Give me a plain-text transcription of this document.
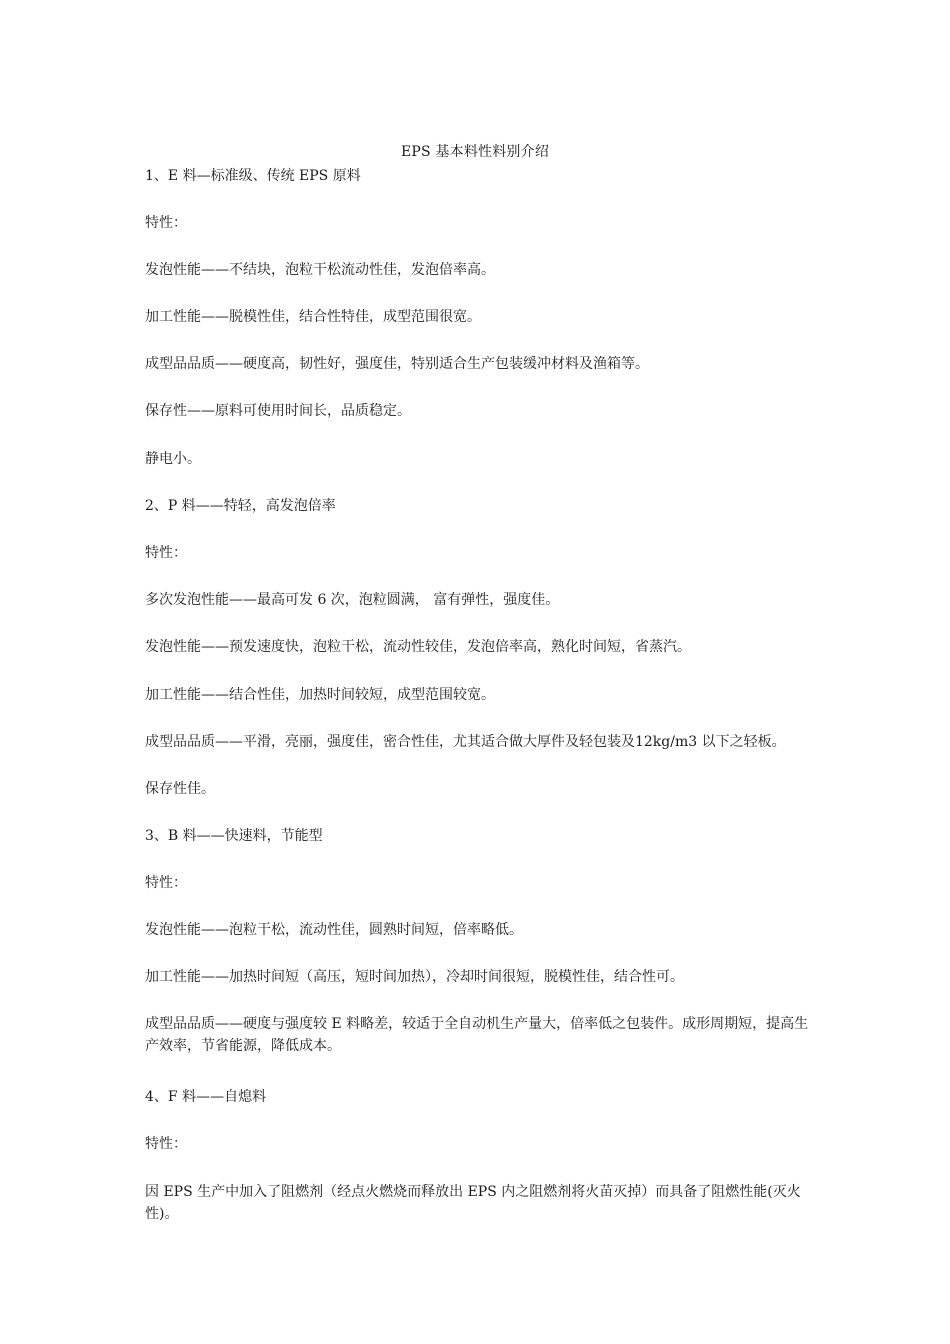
EPS 基本料性料别介绍
1、E 料—标准级、传统 EPS 原料
特性：
发泡性能——不结块，泡粒干松流动性佳，发泡倍率高。
加工性能——脱模性佳，结合性特佳，成型范围很宽。
成型品品质——硬度高，韧性好，强度佳，特别适合生产包装缓冲材料及渔箱等。
保存性——原料可使用时间长，品质稳定。
静电小。
2、P 料——特轻，高发泡倍率
特性：
多次发泡性能——最高可发 6 次，泡粒圆满， 富有弹性，强度佳。
发泡性能——预发速度快，泡粒干松，流动性较佳，发泡倍率高，熟化时间短，省蒸汽。
加工性能——结合性佳，加热时间较短，成型范围较宽。
成型品品质——平滑，亮丽，强度佳，密合性佳，尤其适合做大厚件及轻包装及12kg/m3 以下之轻板。
保存性佳。
3、B 料——快速料，节能型
特性：
发泡性能——泡粒干松，流动性佳，圆熟时间短，倍率略低。
加工性能——加热时间短（高压，短时间加热），冷却时间很短，脱模性佳，结合性可。
成型品品质——硬度与强度较 E 料略差，较适于全自动机生产量大，倍率低之包装件。成形周期短，提高生产效率，节省能源，降低成本。
4、F 料——自熄料
特性：
因 EPS 生产中加入了阻燃剂（经点火燃烧而释放出 EPS 内之阻燃剂将火苗灭掉）而具备了阻燃性能(灭火性)。
